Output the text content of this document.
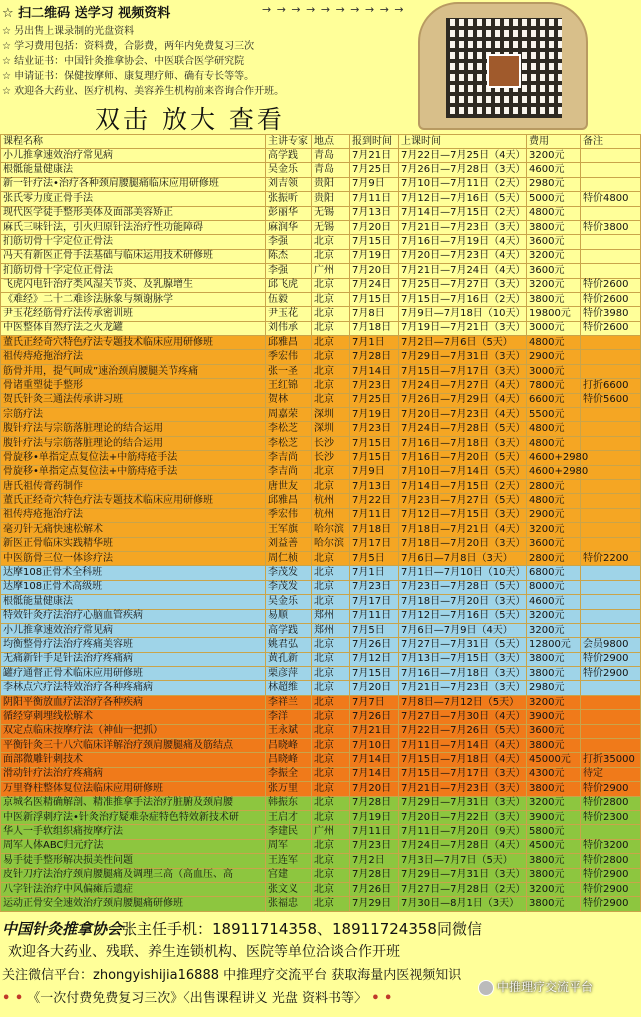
☆ 扫二维码 送学习 视频资料	→ → → → → → → → → →
☆ 另出售上课录制的光盘资料
☆ 学习费用包括：资料费，合影费，两年内免费复习三次
☆ 结业证书：中国针灸推拿协会、中医联合医学研究院
☆ 申请证书：保健按摩师、康复理疗师、确有专长等等。
☆ 欢迎各大药业、医疗机构、美容养生机构前来咨询合作开班。
双击 放大 查看
课程名称	主讲专家	地点	报到时间	上课时间	费用	备注
小儿推拿速效治疗常见病	高学践	青岛	7月21日	7月22日—7月25日（4天）	3200元	
根骶能量健康法	吴金乐	青岛	7月25日	7月26日—7月28日（3天）	4600元	
新一针疗法•治疗各种颈肩腰腿痛临床应用研修班	刘吉领	贵阳	7月9日	7月10日—7月11日（2天）	2980元	
张氏零力度正骨手法	张振听	贵阳	7月11日	7月12日—7月16日（5天）	5000元	特价4800
现代医学徒手整形美体及面部美容矫正	彭丽华	无锡	7月13日	7月14日—7月15日（2天）	4800元	
麻氏三味针法，引火归原针法治疗性功能障碍	麻润华	无锡	7月20日	7月21日—7月23日（3天）	3800元	特价3800
扪筋切骨十字定位正骨法	李强	北京	7月15日	7月16日—7月19日（4天）	3600元	
冯天有新医正骨手法基础与临床运用技术研修班	陈杰	北京	7月19日	7月20日—7月23日（4天）	3200元	
扪筋切骨十字定位正骨法	李强	广州	7月20日	7月21日—7月24日（4天）	3600元	
飞虎闪电针治疗类风湿关节炎、及乳腺增生	邱飞虎	北京	7月24日	7月25日—7月27日（3天）	3200元	特价2600
《难经》二十二难诊法脉象与频谢脉学	伍毅	北京	7月15日	7月15日—7月16日（2天）	3800元	特价2600
尹玉花经筋骨疗法传承密训班	尹玉花	北京	7月8日	7月9日—7月18日（10天）	19800元	特价3980
中医整体自然疗法之火龙罐	刘伟承	北京	7月18日	7月19日—7月21日（3天）	3000元	特价2600
董氏正经奇穴特色疗法专题技术临床应用研修班	邱雅昌	北京	7月1日	7月2日—7月6日（5天）	4800元	
祖传痔疮拖治疗法	季宏伟	北京	7月28日	7月29日—7月31日（3天）	2900元	
筋骨并用，提气呵成”速治颈肩腰腿关节疼痛	张一圣	北京	7月14日	7月15日—7月17日（3天）	3000元	
骨诸重塑徒手整形	王红锦	北京	7月23日	7月24日—7月27日（4天）	7800元	打折6600
贺氏针灸三通法传承讲习班	贺林	北京	7月25日	7月26日—7月29日（4天）	6600元	特价5600
宗筋疗法	周嘉荣	深圳	7月19日	7月20日—7月23日（4天）	5500元	
腹针疗法与宗筋落脏理论的结合运用	李松芝	深圳	7月23日	7月24日—7月28日（5天）	4800元	
腹针疗法与宗筋落脏理论的结合运用	李松芝	长沙	7月15日	7月16日—7月18日（3天）	4800元	
骨旋移•单指定点复位法+中筋痔疮手法	李吉尚	长沙	7月15日	7月16日—7月20日（5天）	4600+2980	
骨旋移•单指定点复位法+中筋痔疮手法	李吉尚	北京	7月9日	7月10日—7月14日（5天）	4600+2980	
唐氏祖传膏药制作	唐世友	北京	7月13日	7月14日—7月15日（2天）	2800元	
董氏正经奇穴特色疗法专题技术临床应用研修班	邱雅昌	杭州	7月22日	7月23日—7月27日（5天）	4800元	
祖传痔疮拖治疗法	季宏伟	杭州	7月11日	7月12日—7月15日（3天）	2900元	
毫刃针无痛快速松解术	王军旗	哈尔滨	7月18日	7月18日—7月21日（4天）	3200元	
新医正骨临床实践精华班	刘益善	哈尔滨	7月17日	7月18日—7月20日（3天）	3600元	
中医筋骨三位一体诊疗法	周仁桢	北京	7月5日	7月6日—7月8日（3天）	2800元	特价2200
达摩108正骨术全科班	李茂发	北京	7月1日	7月1日—7月10日（10天）	6800元	
达摩108正骨术高级班	李茂发	北京	7月23日	7月23日—7月28日（5天）	8000元	
根骶能量健康法	吴金乐	北京	7月17日	7月18日—7月20日（3天）	4600元	
特效针灸疗法治疗心脑血管疾病	易顺	郑州	7月11日	7月12日—7月16日（5天）	3200元	
小儿推拿速效治疗常见病	高学践	郑州	7月5日	7月6日—7月9日（4天）	3200元	
均衡整骨疗法治疗疼痛美容班	姚君弘	北京	7月26日	7月27日—7月31日（5天）	12800元	会员9800
无痛新针手足针法治疗疼痛病	黄孔新	北京	7月12日	7月13日—7月15日（3天）	3800元	特价2900
罐疗通督正骨术临床应用研修班	栗彦萍	北京	7月15日	7月16日—7月18日（3天）	3800元	特价2900
李林点穴疗法特效治疗各种疼痛病	林超维	北京	7月20日	7月21日—7月23日（3天）	2980元	
阴阳平衡放血疗法治疗各种疾病	李祥兰	北京	7月7日	7月8日—7月12日（5天）	3200元	
循经穿刺埋线松解术	李洋	北京	7月26日	7月27日—7月30日（4天）	3900元	
双定点临床按摩疗法（神仙一把抓）	王永斌	北京	7月21日	7月22日—7月26日（5天）	3600元	
平衡针灸三十八穴临床详解治疗颈肩腰腿痛及筋结点	吕晓峰	北京	7月10日	7月11日—7月14日（4天）	3800元	
面部微雕针刺技术	吕晓峰	北京	7月14日	7月15日—7月18日（4天）	45000元	打折35000
滑动针疗法治疗疼痛病	李振全	北京	7月14日	7月15日—7月17日（3天）	4300元	待定
万里脊柱整体复位法临床应用研修班	张万里	北京	7月20日	7月21日—7月23日（3天）	3800元	特价2900
京城名医精确解剖、精准推拿手法治疗脏腑及颈肩腰	韩振东	北京	7月28日	7月29日—7月31日（3天）	3200元	特价2800
中医新浮刺疗法•针灸治疗疑难杂症特色特效新技术研	王启才	北京	7月19日	7月20日—7月22日（3天）	3900元	特价2300
华人一手软组织痛按摩疗法	李建民	广州	7月11日	7月11日—7月20日（9天）	5800元	
周军人体ABC归元疗法	周军	北京	7月23日	7月24日—7月28日（4天）	4500元	特价3200
易手徒手整形解决损美性问题	王连军	北京	7月2日	7月3日—7月7日（5天）	3800元	特价2800
皮针刀疗法治疗颈肩腰腿痛及调理三高（高血压、高	宫建	北京	7月28日	7月29日—7月31日（3天）	3800元	特价2900
八字针法治疗中风偏瘫后遗症	张文义	北京	7月26日	7月27日—7月28日（2天）	3200元	特价2900
运动正骨安全速效治疗颈肩腰腿痛研修班	张福忠	北京	7月29日	7月30日—8月1日（3天）	3800元	特价2900
中国针灸推拿协会张主任手机：18911714358、18911724358同微信
欢迎各大药业、残联、养生连锁机构、医院等单位洽谈合作开班
关注微信平台：zhongyishijia16888 中推理疗交流平台 获取海量内医视频知识
• • 《一次付费免费复习三次》〈出售课程讲义 光盘 资料书等〉 • •
中推理疗交流平台
